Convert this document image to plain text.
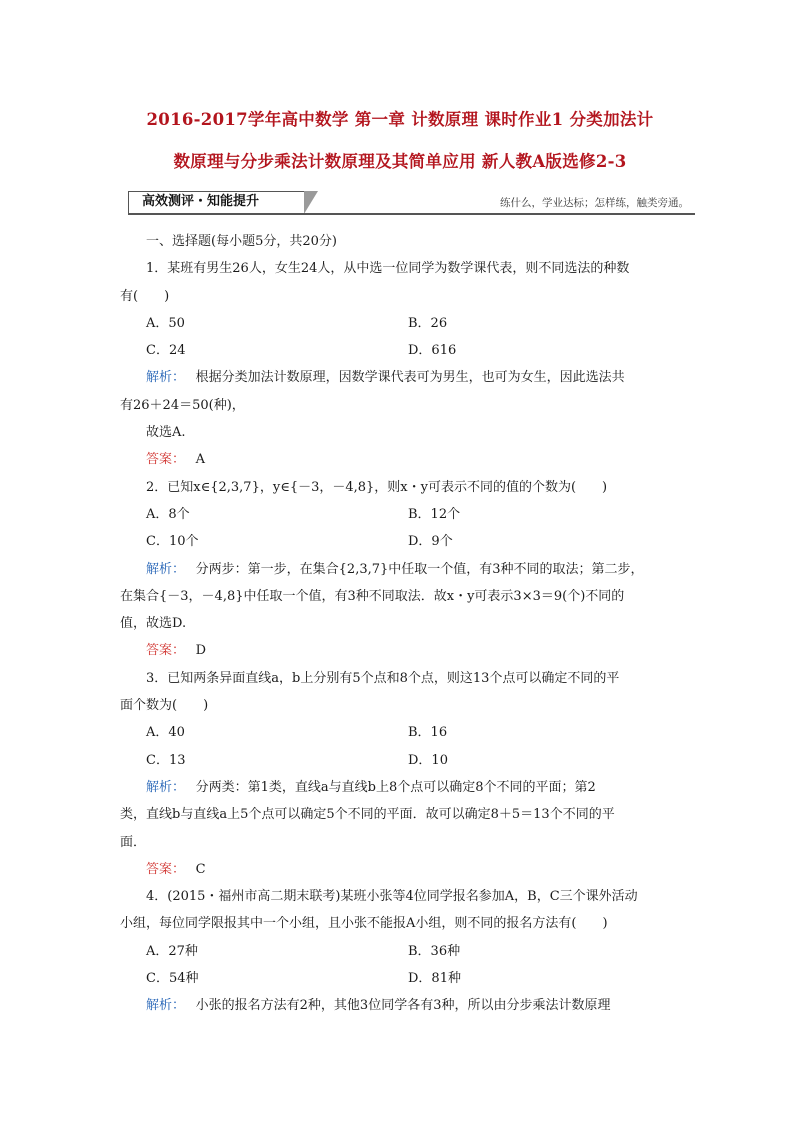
2016-2017学年高中数学 第一章 计数原理 课时作业1 分类加法计
数原理与分步乘法计数原理及其简单应用 新人教A版选修2-3
高效测评・知能提升	练什么，学业达标；怎样练，触类旁通。

一、选择题(每小题5分，共20分)

1．某班有男生26人，女生24人，从中选一位同学为数学课代表，则不同选法的种数

有(　　)

A．50	B．26
C．24	D．616

解析：　 根据分类加法计数原理，因数学课代表可为男生，也可为女生，因此选法共

有26＋24＝50(种)，

故选A.

答案：　 A

2．已知x∈{2,3,7}，y∈{－3，－4,8}，则x・y可表示不同的值的个数为(　　)

A．8个	B．12个
C．10个	D．9个

解析：　 分两步：第一步，在集合{2,3,7}中任取一个值，有3种不同的取法；第二步，

在集合{－3，－4,8}中任取一个值，有3种不同取法．故x・y可表示3×3＝9(个)不同的

值，故选D.

答案：　 D

3．已知两条异面直线a，b上分别有5个点和8个点，则这13个点可以确定不同的平

面个数为(　　)

A．40	B．16
C．13	D．10

解析：　 分两类：第1类，直线a与直线b上8个点可以确定8个不同的平面；第2

类，直线b与直线a上5个点可以确定5个不同的平面．故可以确定8＋5＝13个不同的平

面．

答案：　 C

4．(2015・福州市高二期末联考)某班小张等4位同学报名参加A，B，C三个课外活动

小组，每位同学限报其中一个小组，且小张不能报A小组，则不同的报名方法有(　　)

A．27种	B．36种
C．54种	D．81种

解析：　 小张的报名方法有2种，其他3位同学各有3种，所以由分步乘法计数原理
